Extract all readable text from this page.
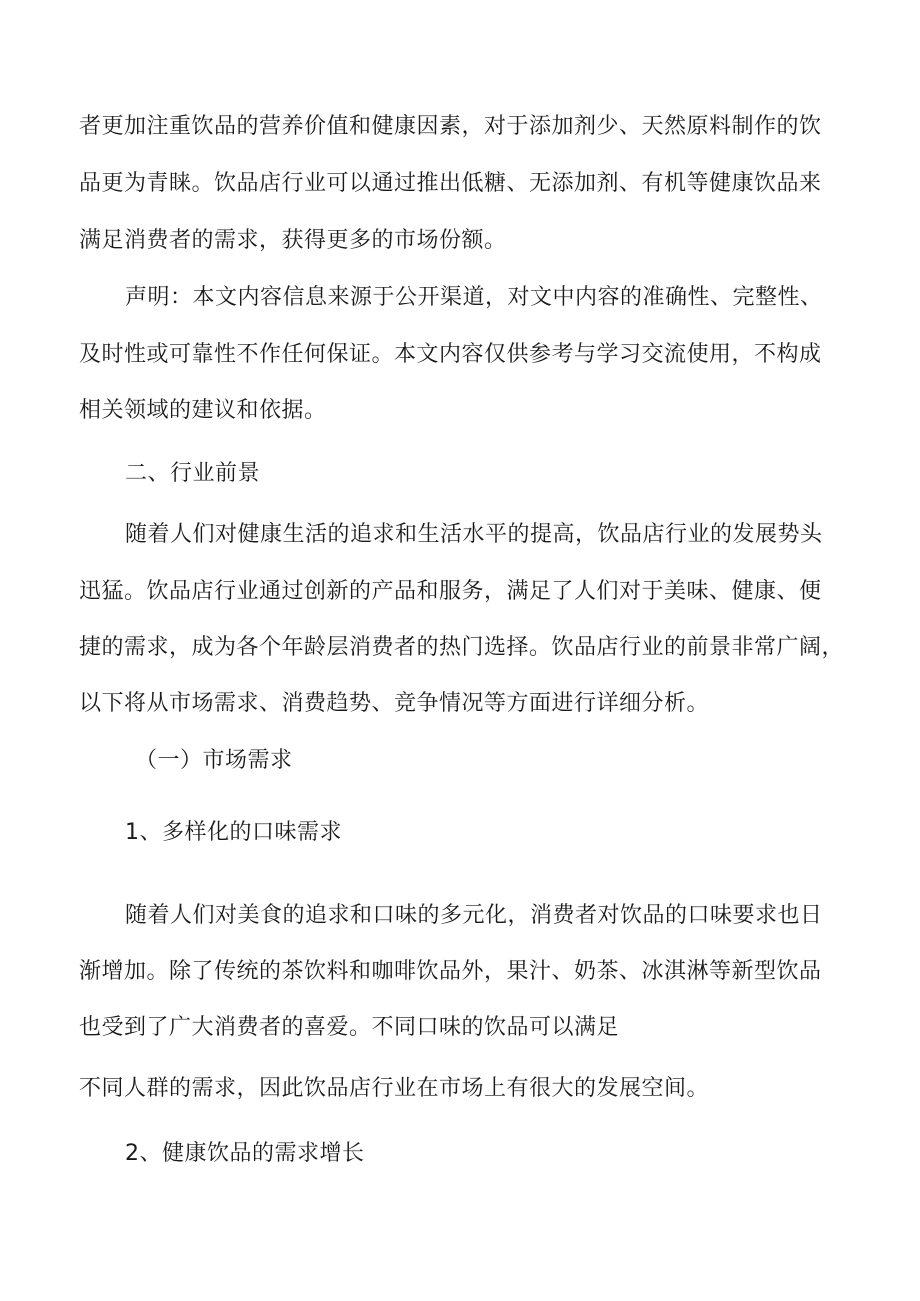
者更加注重饮品的营养价值和健康因素，对于添加剂少、天然原料制作的饮

品更为青睐。饮品店行业可以通过推出低糖、无添加剂、有机等健康饮品来

满足消费者的需求，获得更多的市场份额。

声明：本文内容信息来源于公开渠道，对文中内容的准确性、完整性、

及时性或可靠性不作任何保证。本文内容仅供参考与学习交流使用，不构成

相关领域的建议和依据。

二、行业前景

随着人们对健康生活的追求和生活水平的提高，饮品店行业的发展势头

迅猛。饮品店行业通过创新的产品和服务，满足了人们对于美味、健康、便

捷的需求，成为各个年龄层消费者的热门选择。饮品店行业的前景非常广阔，

以下将从市场需求、消费趋势、竞争情况等方面进行详细分析。

（一）市场需求

1、多样化的口味需求

随着人们对美食的追求和口味的多元化，消费者对饮品的口味要求也日

渐增加。除了传统的茶饮料和咖啡饮品外，果汁、奶茶、冰淇淋等新型饮品

也受到了广大消费者的喜爱。不同口味的饮品可以满足

不同人群的需求，因此饮品店行业在市场上有很大的发展空间。

2、健康饮品的需求增长
